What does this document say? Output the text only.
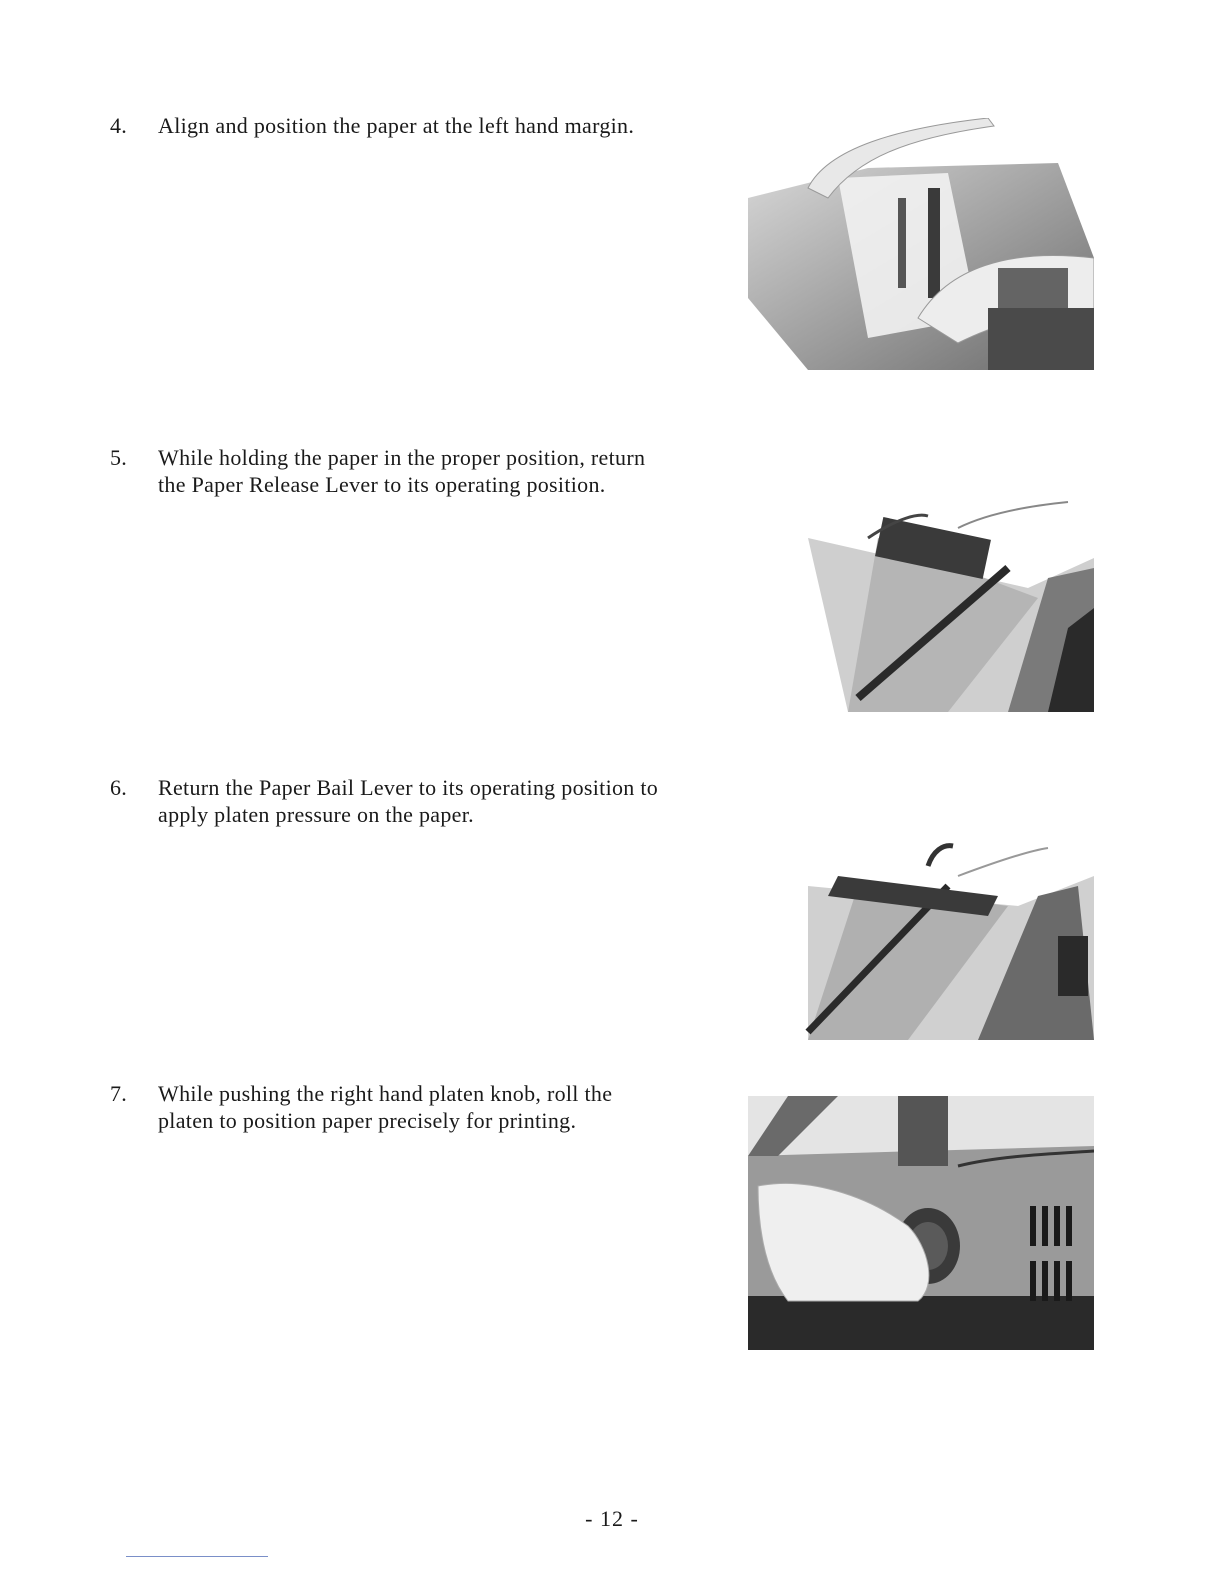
4.	Align and position the paper at the left hand margin.
5.	While holding the paper in the proper position, return the Paper Release Lever to its operating position.
6.	Return the Paper Bail Lever to its operating position to apply platen pressure on the paper.
7.	While pushing the right hand platen knob, roll the platen to position paper precisely for printing.
- 12 -
